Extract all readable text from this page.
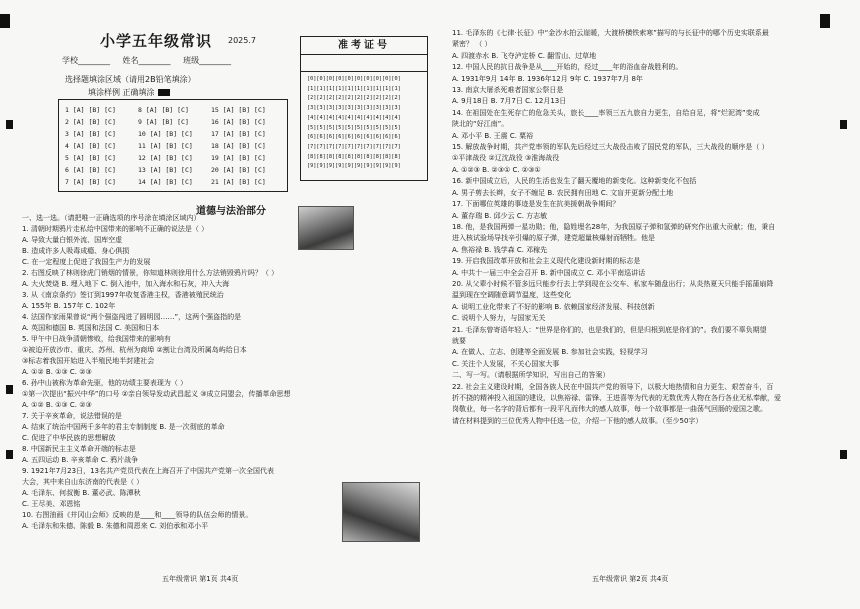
小学五年级常识 2025.7
学校________ 姓名________ 班级________
选择题填涂区域（请用2B铅笔填涂）
填涂样例 正确填涂
1 [A] [B] [C]	8 [A] [B] [C]	15 [A] [B] [C]
2 [A] [B] [C]	9 [A] [B] [C]	16 [A] [B] [C]
3 [A] [B] [C]	10 [A] [B] [C]	17 [A] [B] [C]
4 [A] [B] [C]	11 [A] [B] [C]	18 [A] [B] [C]
5 [A] [B] [C]	12 [A] [B] [C]	19 [A] [B] [C]
6 [A] [B] [C]	13 [A] [B] [C]	20 [A] [B] [C]
7 [A] [B] [C]	14 [A] [B] [C]	21 [A] [B] [C]
准考证号
[0][0][0][0][0][0][0][0][0][0]
[1][1][1][1][1][1][1][1][1][1]
[2][2][2][2][2][2][2][2][2][2]
[3][3][3][3][3][3][3][3][3][3]
[4][4][4][4][4][4][4][4][4][4]
[5][5][5][5][5][5][5][5][5][5]
[6][6][6][6][6][6][6][6][6][6]
[7][7][7][7][7][7][7][7][7][7]
[8][8][8][8][8][8][8][8][8][8]
[9][9][9][9][9][9][9][9][9][9]
道德与法治部分
一、选一选。（请把唯一正确选项的序号涂在填涂区域内）
1. 清朝时期鸦片走私给中国带来的影响不正确的说法是（ ）
A. 导致大量白银外流、国库空虚
B. 造成许多人吸毒成瘾、身心俱损
C. 在一定程度上促进了我国生产力的发展
2. 右图反映了林则徐虎门销烟的情景，你知道林则徐用什么方法销毁鸦片吗？（ ）
A. 大火焚烧 B. 埋入地下 C. 倒入池中，加入海水和石灰，冲入大海
3. 从《南京条约》签订到1997年收复香港主权，香港被殖民统治
A. 155年 B. 157年 C. 102年
4. 法国作家雨果曾说“两个强盗闯进了圆明园……”，这两个强盗指的是
A. 英国和德国 B. 英国和法国 C. 美国和日本
5. 甲午中日战争清朝惨败，给我国带来的影响有
①被迫开放沙市、重庆、苏州、杭州为商埠 ②割让台湾及所属岛屿给日本
③标志着我国开始进入半殖民地半封建社会
A. ①② B. ①③ C. ②③
6. 孙中山被称为革命先驱，他的功绩主要表现为（ ）
①第一次提出“振兴中华”的口号 ②亲自领导发动武昌起义 ③成立同盟会，传播革命思想
A. ①② B. ①③ C. ②③
7. 关于辛亥革命，说法错误的是
A. 结束了统治中国两千多年的君主专制制度 B. 是一次彻底的革命
C. 促进了中华民族的思想解放
8. 中国新民主主义革命开端的标志是
A. 五四运动 B. 辛亥革命 C. 鸦片战争
9. 1921年7月23日，13名共产党员代表在上海召开了中国共产党第一次全国代表
大会，其中来自山东济南的代表是（ ）
A. 毛泽东、何叔衡 B. 董必武、陈潭秋
C. 王尽美、邓恩铭
10. 右图油画《井冈山会师》反映的是____和____领导的队伍会师的情景。
A. 毛泽东和朱德、陈毅 B. 朱德和周恩来 C. 刘伯承和邓小平
五年级常识 第1页 共4页
11. 毛泽东的《七律·长征》中“金沙水拍云崖暖，大渡桥横铁索寒”描写的与长征中的哪个历史实联系最
紧密？ （ ）
A. 四渡赤水 B. 飞夺泸定桥 C. 翻雪山、过草地
12. 中国人民的抗日战争是从____开始的，经过____年的浴血奋战胜利的。
A. 1931年9月 14年 B. 1936年12月 9年 C. 1937年7月 8年
13. 南京大屠杀死难者国家公祭日是
A. 9月18日 B. 7月7日 C. 12月13日
14. 在祖国处在生死存亡的危急关头，旅长____率领三五九旅自力更生，自给自足，将“烂泥湾”变成
陕北的“好江南”。
A. 邓小平 B. 王震 C. 粟裕
15. 解放战争时期，共产党率领的军队先后经过三大战役击败了国民党的军队，三大战役的顺序是（ ）
①平津战役 ②辽沈战役 ③淮海战役
A. ①②③ B. ②③① C. ②③①
16. 新中国成立后，人民的生活也发生了翻天覆地的新变化。这种新变化不包括
A. 男子剪去长辫，女子不缠足 B. 农民拥有田地 C. 文盲并更新分配土地
17. 下面哪位英雄的事迹是发生在抗美援朝战争期间？
A. 董存瑞 B. 邱少云 C. 方志敏
18. 他，是我国两弹一星功勋；他，隐姓埋名28年，为我国原子弹和氢弹的研究作出重大贡献；他，秉自
进入核试验场导找辛引爆的原子弹，建党超量核爆射而牺牲。他是
A. 焦裕禄 B. 钱学森 C. 邓稼先
19. 开启我国改革开放和社会主义现代化建设新时期的标志是
A. 中共十一届三中全会召开 B. 新中国成立 C. 邓小平南巡讲话
20. 从父辈小时候不管多远只能步行去上学到现在公交车、私家车随盘出行；从炎热夏天只能手摇蒲扇降
温到现在空调随意调节温度，这些变化
A. 说明工业化带来了不好的影响 B. 依赖国家经济发展、科技创新
C. 说明个人努力，与国家无关
21. 毛泽东曾寄语年轻人：“世界是你们的，也是我们的，但是归根到底是你们的”。我们要不辜负期望
就要
A. 在做人、立志、创建等全面发展 B. 参加社会实践，轻视学习
C. 关注个人发展，不关心国家大事
二、写一写。（请根据所学知识，写出自己的答案）
22. 社会主义建设时期，全国各族人民在中国共产党的领导下，以极大地热情和自力更生、艰苦奋斗，百
折不挠的精神投入祖国的建设，以焦裕禄、雷锋、王进喜等为代表的无数优秀人物在各行各业无私奉献，爱
岗敬业，每一名字的背后都有一段平凡而伟大的感人故事，每一个故事都是一曲荡气回肠的爱国之歌。
请在材料提到的三位优秀人物中任选一位，介绍一下他的感人故事。（至少50字）
五年级常识 第2页 共4页
